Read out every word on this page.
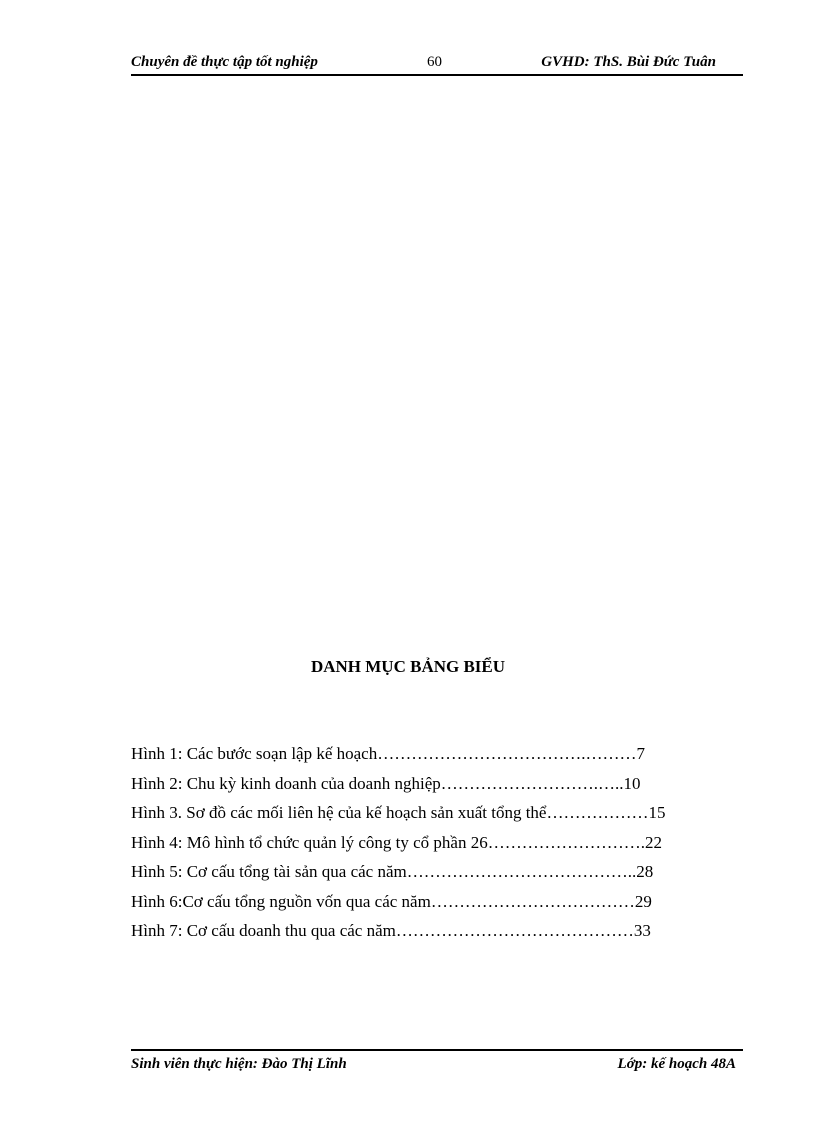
Chuyên đề thực tập tốt nghiệp	60	GVHD: ThS. Bùi Đức Tuân
DANH MỤC BẢNG BIỂU
Hình 1: Các bước soạn lập kế hoạch……………………………….………7
Hình 2: Chu kỳ kinh doanh của doanh nghiệp……………………….…..10
Hình 3. Sơ đồ các mối liên hệ của kế hoạch sản xuất tổng thể………………15
Hình 4: Mô hình tổ chức quản lý công ty cổ phần 26……………………….22
Hình 5: Cơ cấu tổng tài sản qua các năm…………………………………..28
Hình 6:Cơ cấu tổng nguồn vốn qua các năm………………………………29
Hình 7: Cơ cấu doanh thu qua các năm……………………………………33
Sinh viên thực hiện: Đào Thị Lĩnh	Lớp: kế hoạch 48A
